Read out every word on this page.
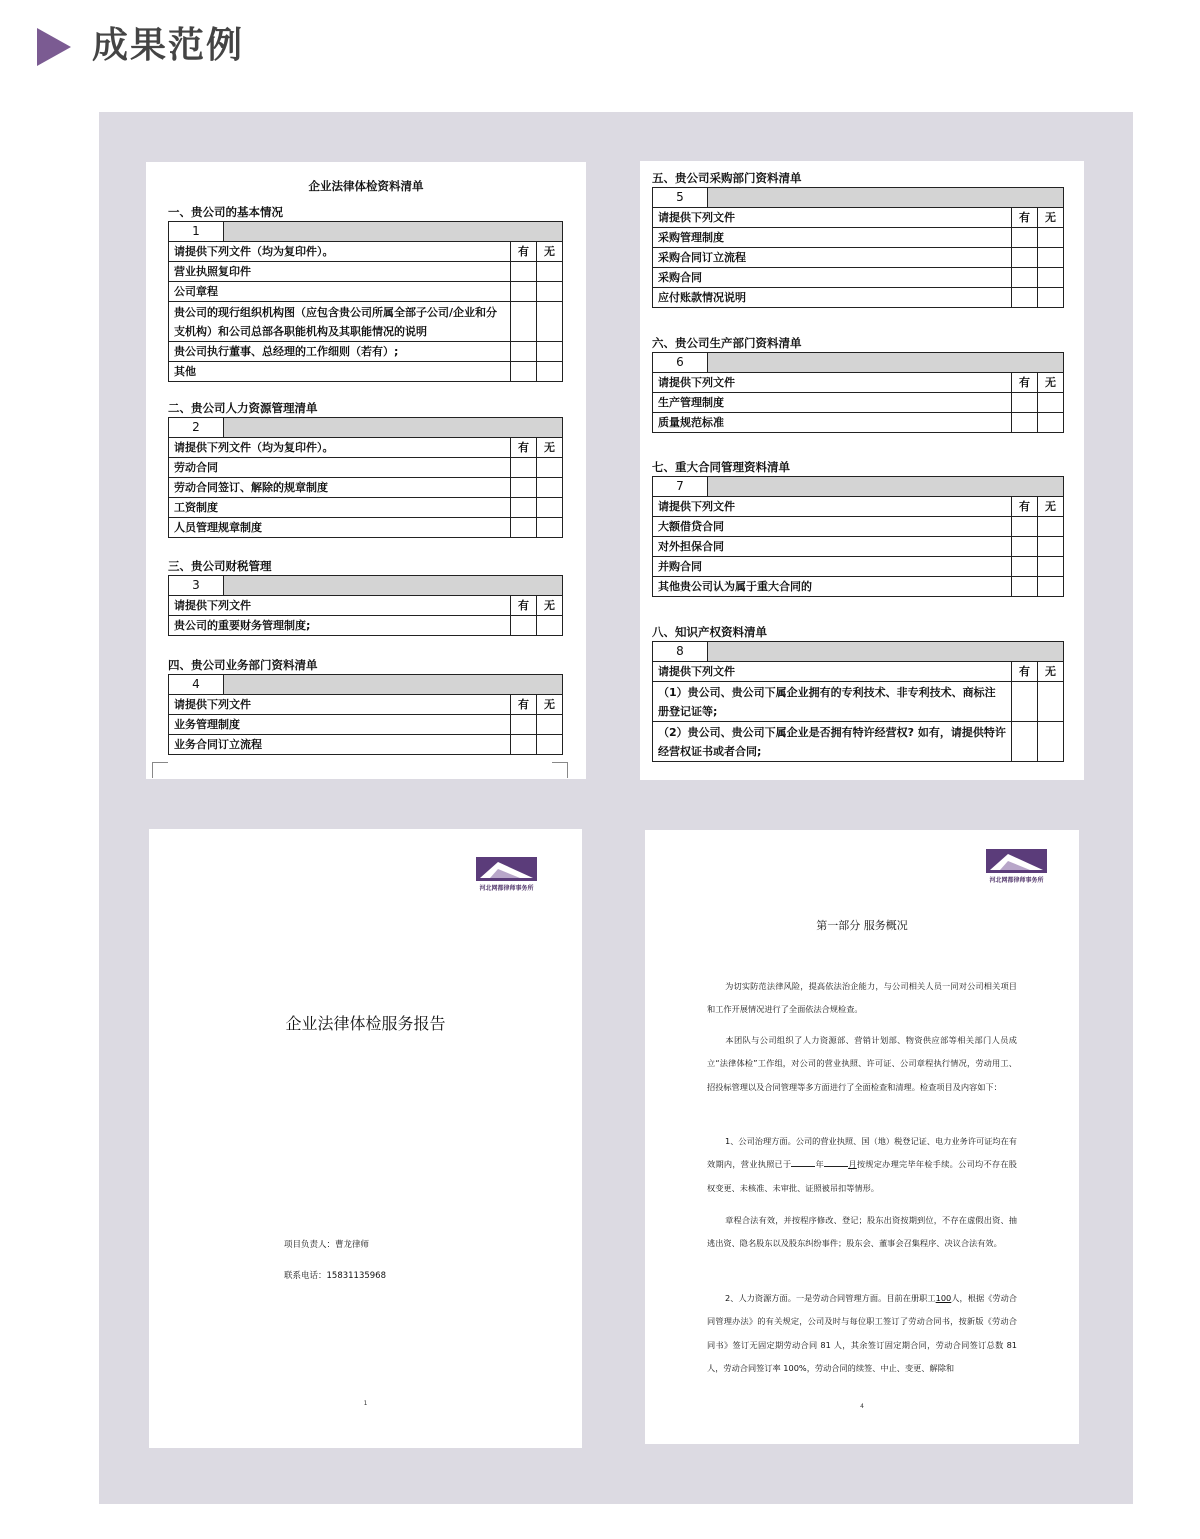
成果范例
企业法律体检资料清单
一、贵公司的基本情况
1			
请提供下列文件（均为复印件）。		有	无
营业执照复印件			
公司章程			
贵公司的现行组织机构图（应包含贵公司所属全部子公司/企业和分支机构）和公司总部各职能机构及其职能情况的说明			
贵公司执行董事、总经理的工作细则（若有）;			
其他			
二、贵公司人力资源管理清单
2			
请提供下列文件（均为复印件）。		有	无
劳动合同			
劳动合同签订、解除的规章制度			
工资制度			
人员管理规章制度			
三、贵公司财税管理
3			
请提供下列文件		有	无
贵公司的重要财务管理制度;			
四、贵公司业务部门资料清单
4			
请提供下列文件		有	无
业务管理制度			
业务合同订立流程			
五、贵公司采购部门资料清单
5			
请提供下列文件		有	无
采购管理制度			
采购合同订立流程			
采购合同			
应付账款情况说明			
六、贵公司生产部门资料清单
6			
请提供下列文件		有	无
生产管理制度			
质量规范标准			
七、重大合同管理资料清单
7			
请提供下列文件		有	无
大额借贷合同			
对外担保合同			
并购合同			
其他贵公司认为属于重大合同的			
八、知识产权资料清单
8			
请提供下列文件		有	无
（1）贵公司、贵公司下属企业拥有的专利技术、非专利技术、商标注册登记证等;			
（2）贵公司、贵公司下属企业是否拥有特许经营权? 如有，请提供特许经营权证书或者合同;			
河北网都律师事务所
企业法律体检服务报告
项目负责人：曹龙律师
联系电话：15831135968
1
河北网都律师事务所
第一部分 服务概况
为切实防范法律风险，提高依法治企能力，与公司相关人员一同对公司相关项目和工作开展情况进行了全面依法合规检查。
本团队与公司组织了人力资源部、营销计划部、物资供应部等相关部门人员成立“法律体检”工作组，对公司的营业执照、许可证、公司章程执行情况，劳动用工、招投标管理以及合同管理等多方面进行了全面检查和清理。检查项目及内容如下：
1、公司治理方面。公司的营业执照、国（地）税登记证、电力业务许可证均在有效期内，营业执照已于	年	月按规定办理完毕年检手续。公司均不存在股权变更、未核准、未审批、证照被吊扣等情形。
章程合法有效，并按程序修改、登记；股东出资按期到位，不存在虚假出资、抽逃出资、隐名股东以及股东纠纷事件；股东会、董事会召集程序、决议合法有效。
2、人力资源方面。一是劳动合同管理方面。目前在册职工100人，根据《劳动合同管理办法》的有关规定，公司及时与每位职工签订了劳动合同书，按新版《劳动合同书》签订无固定期劳动合同 81 人，其余签订固定期合同，劳动合同签订总数 81 人，劳动合同签订率 100%，劳动合同的续签、中止、变更、解除和
4
